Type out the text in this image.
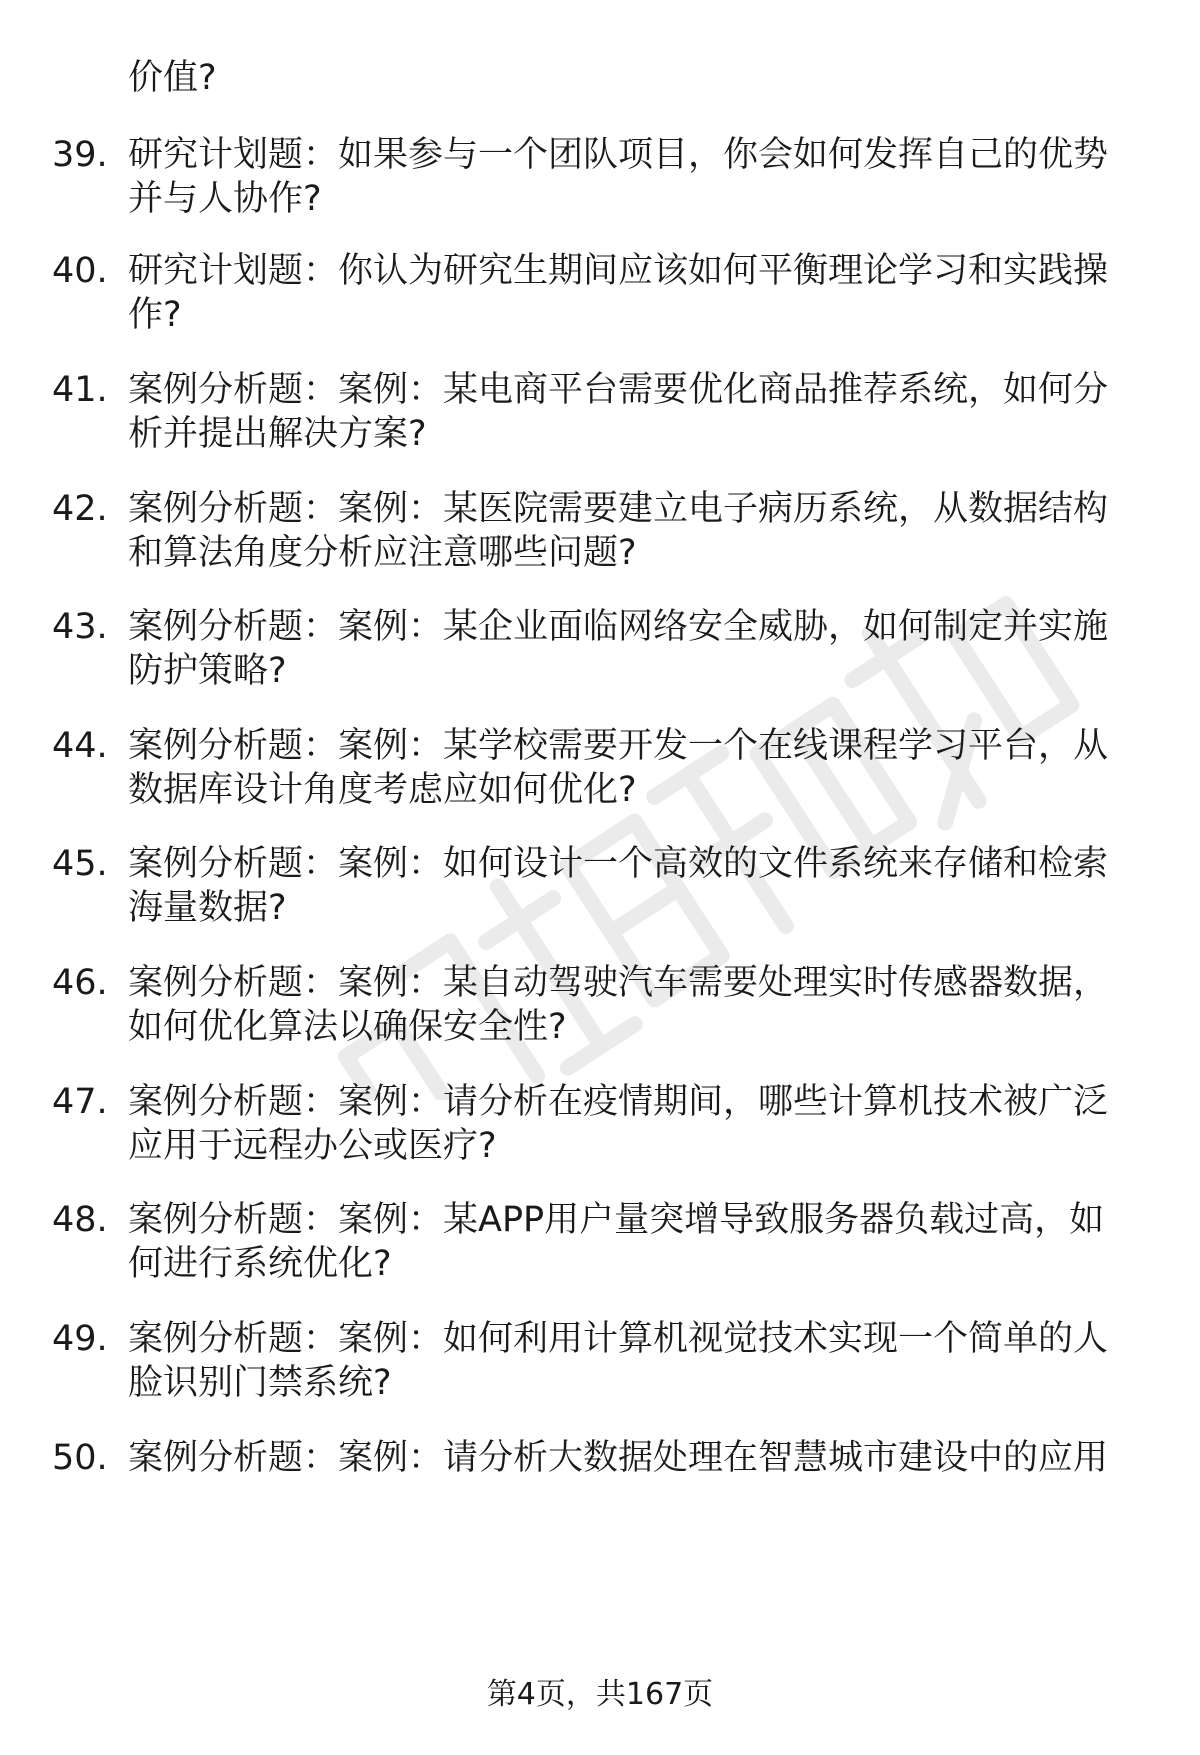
价值?
39. 研究计划题：如果参与一个团队项目，你会如何发挥自己的优势
并与人协作?
40. 研究计划题：你认为研究生期间应该如何平衡理论学习和实践操
作?
41. 案例分析题：案例：某电商平台需要优化商品推荐系统，如何分
析并提出解决方案?
42. 案例分析题：案例：某医院需要建立电子病历系统，从数据结构
和算法角度分析应注意哪些问题?
43. 案例分析题：案例：某企业面临网络安全威胁，如何制定并实施
防护策略?
44. 案例分析题：案例：某学校需要开发一个在线课程学习平台，从
数据库设计角度考虑应如何优化?
45. 案例分析题：案例：如何设计一个高效的文件系统来存储和检索
海量数据?
46. 案例分析题：案例：某自动驾驶汽车需要处理实时传感器数据，
如何优化算法以确保安全性?
47. 案例分析题：案例：请分析在疫情期间，哪些计算机技术被广泛
应用于远程办公或医疗?
48. 案例分析题：案例：某APP用户量突增导致服务器负载过高，如
何进行系统优化?
49. 案例分析题：案例：如何利用计算机视觉技术实现一个简单的人
脸识别门禁系统?
50. 案例分析题：案例：请分析大数据处理在智慧城市建设中的应用
第4页，共167页
